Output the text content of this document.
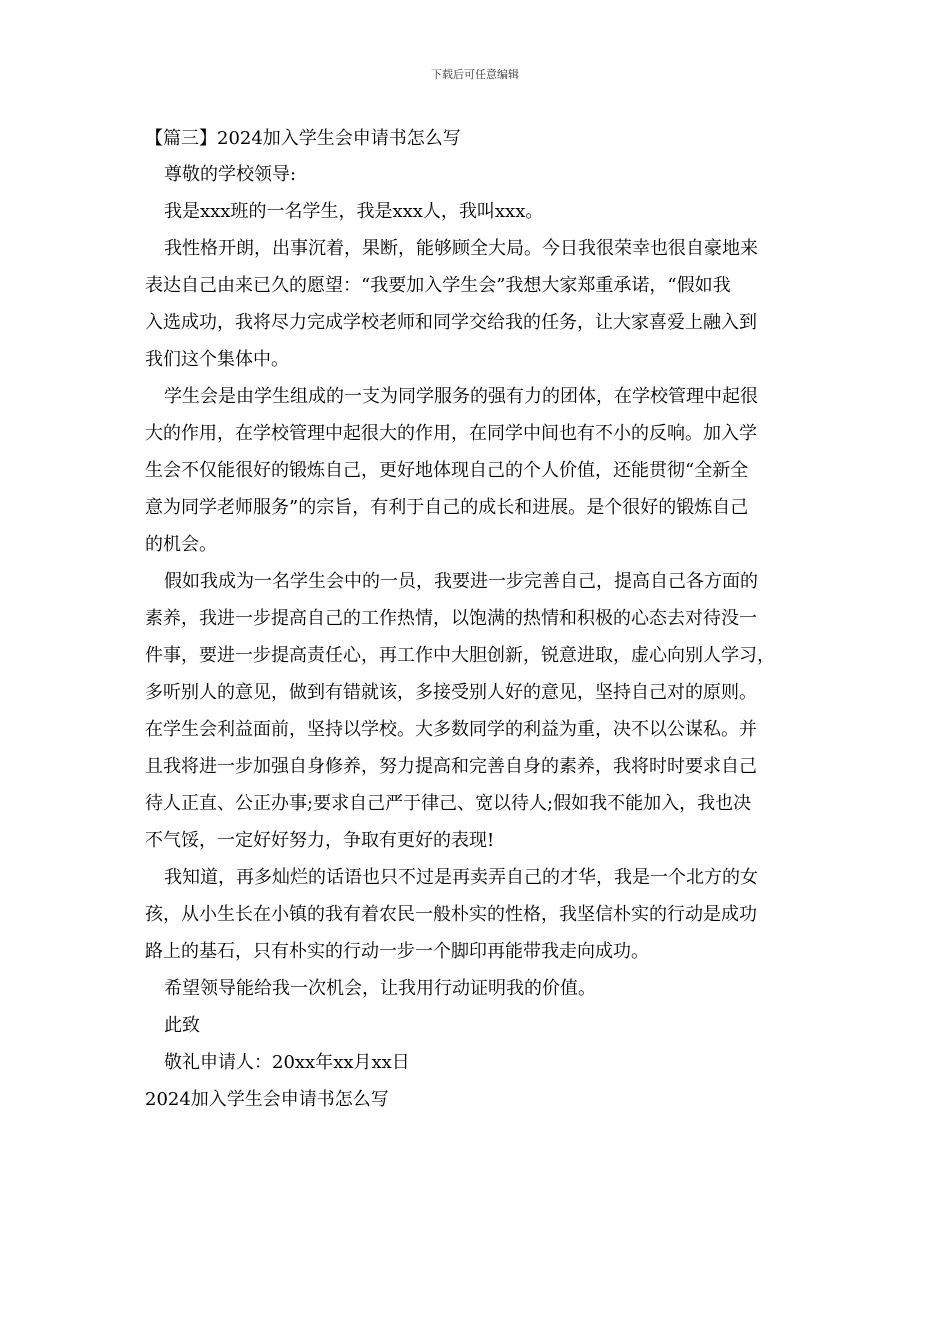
下载后可任意编辑
【篇三】2024加入学生会申请书怎么写
尊敬的学校领导:
我是xxx班的一名学生，我是xxx人，我叫xxx。
我性格开朗，出事沉着，果断，能够顾全大局。今日我很荣幸也很自豪地来
表达自己由来已久的愿望：“我要加入学生会”我想大家郑重承诺，“假如我
入选成功，我将尽力完成学校老师和同学交给我的任务，让大家喜爱上融入到
我们这个集体中。
学生会是由学生组成的一支为同学服务的强有力的团体，在学校管理中起很
大的作用，在学校管理中起很大的作用，在同学中间也有不小的反响。加入学
生会不仅能很好的锻炼自己，更好地体现自己的个人价值，还能贯彻“全新全
意为同学老师服务”的宗旨，有利于自己的成长和进展。是个很好的锻炼自己
的机会。
假如我成为一名学生会中的一员，我要进一步完善自己，提高自己各方面的
素养，我进一步提高自己的工作热情，以饱满的热情和积极的心态去对待没一
件事，要进一步提高责任心，再工作中大胆创新，锐意进取，虚心向别人学习，
多听别人的意见，做到有错就该，多接受别人好的意见，坚持自己对的原则。
在学生会利益面前，坚持以学校。大多数同学的利益为重，决不以公谋私。并
且我将进一步加强自身修养，努力提高和完善自身的素养，我将时时要求自己
待人正直、公正办事;要求自己严于律己、宽以待人;假如我不能加入，我也决
不气馁，一定好好努力，争取有更好的表现!
我知道，再多灿烂的话语也只不过是再卖弄自己的才华，我是一个北方的女
孩，从小生长在小镇的我有着农民一般朴实的性格，我坚信朴实的行动是成功
路上的基石，只有朴实的行动一步一个脚印再能带我走向成功。
希望领导能给我一次机会，让我用行动证明我的价值。
此致
敬礼申请人：20xx年xx月xx日
2024加入学生会申请书怎么写
